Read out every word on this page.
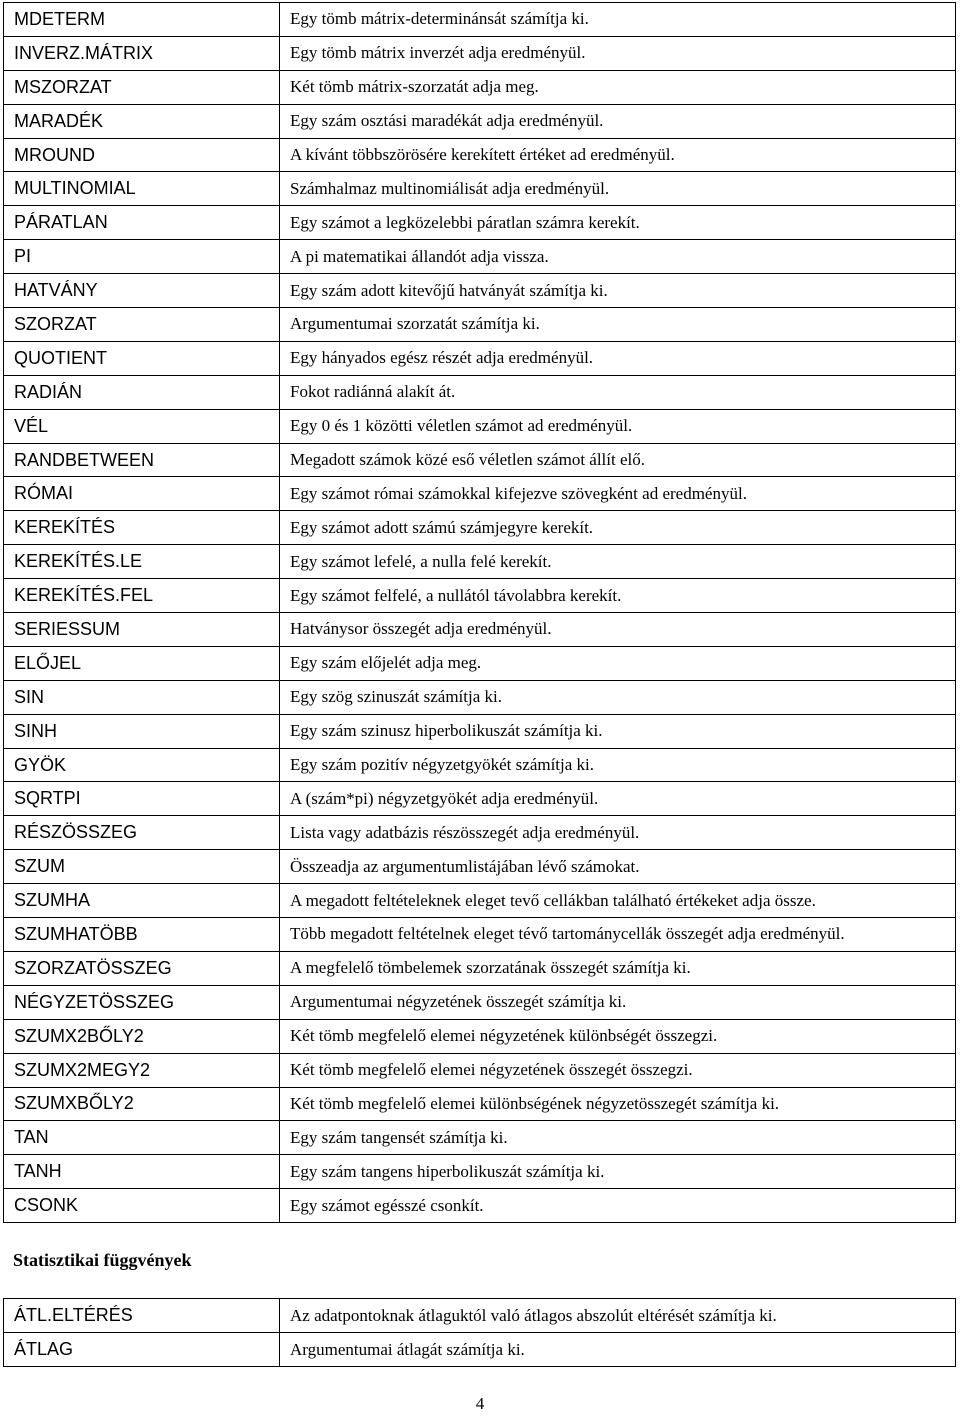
MDETERM	Egy tömb mátrix-determinánsát számítja ki.
INVERZ.MÁTRIX	Egy tömb mátrix inverzét adja eredményül.
MSZORZAT	Két tömb mátrix-szorzatát adja meg.
MARADÉK	Egy szám osztási maradékát adja eredményül.
MROUND	A kívánt többszörösére kerekített értéket ad eredményül.
MULTINOMIAL	Számhalmaz multinomiálisát adja eredményül.
PÁRATLAN	Egy számot a legközelebbi páratlan számra kerekít.
PI	A pi matematikai állandót adja vissza.
HATVÁNY	Egy szám adott kitevőjű hatványát számítja ki.
SZORZAT	Argumentumai szorzatát számítja ki.
QUOTIENT	Egy hányados egész részét adja eredményül.
RADIÁN	Fokot radiánná alakít át.
VÉL	Egy 0 és 1 közötti véletlen számot ad eredményül.
RANDBETWEEN	Megadott számok közé eső véletlen számot állít elő.
RÓMAI	Egy számot római számokkal kifejezve szövegként ad eredményül.
KEREKÍTÉS	Egy számot adott számú számjegyre kerekít.
KEREKÍTÉS.LE	Egy számot lefelé, a nulla felé kerekít.
KEREKÍTÉS.FEL	Egy számot felfelé, a nullától távolabbra kerekít.
SERIESSUM	Hatványsor összegét adja eredményül.
ELŐJEL	Egy szám előjelét adja meg.
SIN	Egy szög szinuszát számítja ki.
SINH	Egy szám szinusz hiperbolikuszát számítja ki.
GYÖK	Egy szám pozitív négyzetgyökét számítja ki.
SQRTPI	A (szám*pi) négyzetgyökét adja eredményül.
RÉSZÖSSZEG	Lista vagy adatbázis részösszegét adja eredményül.
SZUM	Összeadja az argumentumlistájában lévő számokat.
SZUMHA	A megadott feltételeknek eleget tevő cellákban található értékeket adja össze.
SZUMHATÖBB	Több megadott feltételnek eleget tévő tartománycellák összegét adja eredményül.
SZORZATÖSSZEG	A megfelelő tömbelemek szorzatának összegét számítja ki.
NÉGYZETÖSSZEG	Argumentumai négyzetének összegét számítja ki.
SZUMX2BŐLY2	Két tömb megfelelő elemei négyzetének különbségét összegzi.
SZUMX2MEGY2	Két tömb megfelelő elemei négyzetének összegét összegzi.
SZUMXBŐLY2	Két tömb megfelelő elemei különbségének négyzetösszegét számítja ki.
TAN	Egy szám tangensét számítja ki.
TANH	Egy szám tangens hiperbolikuszát számítja ki.
CSONK	Egy számot egésszé csonkít.
Statisztikai függvények
ÁTL.ELTÉRÉS	Az adatpontoknak átlaguktól való átlagos abszolút eltérését számítja ki.
ÁTLAG	Argumentumai átlagát számítja ki.
4
